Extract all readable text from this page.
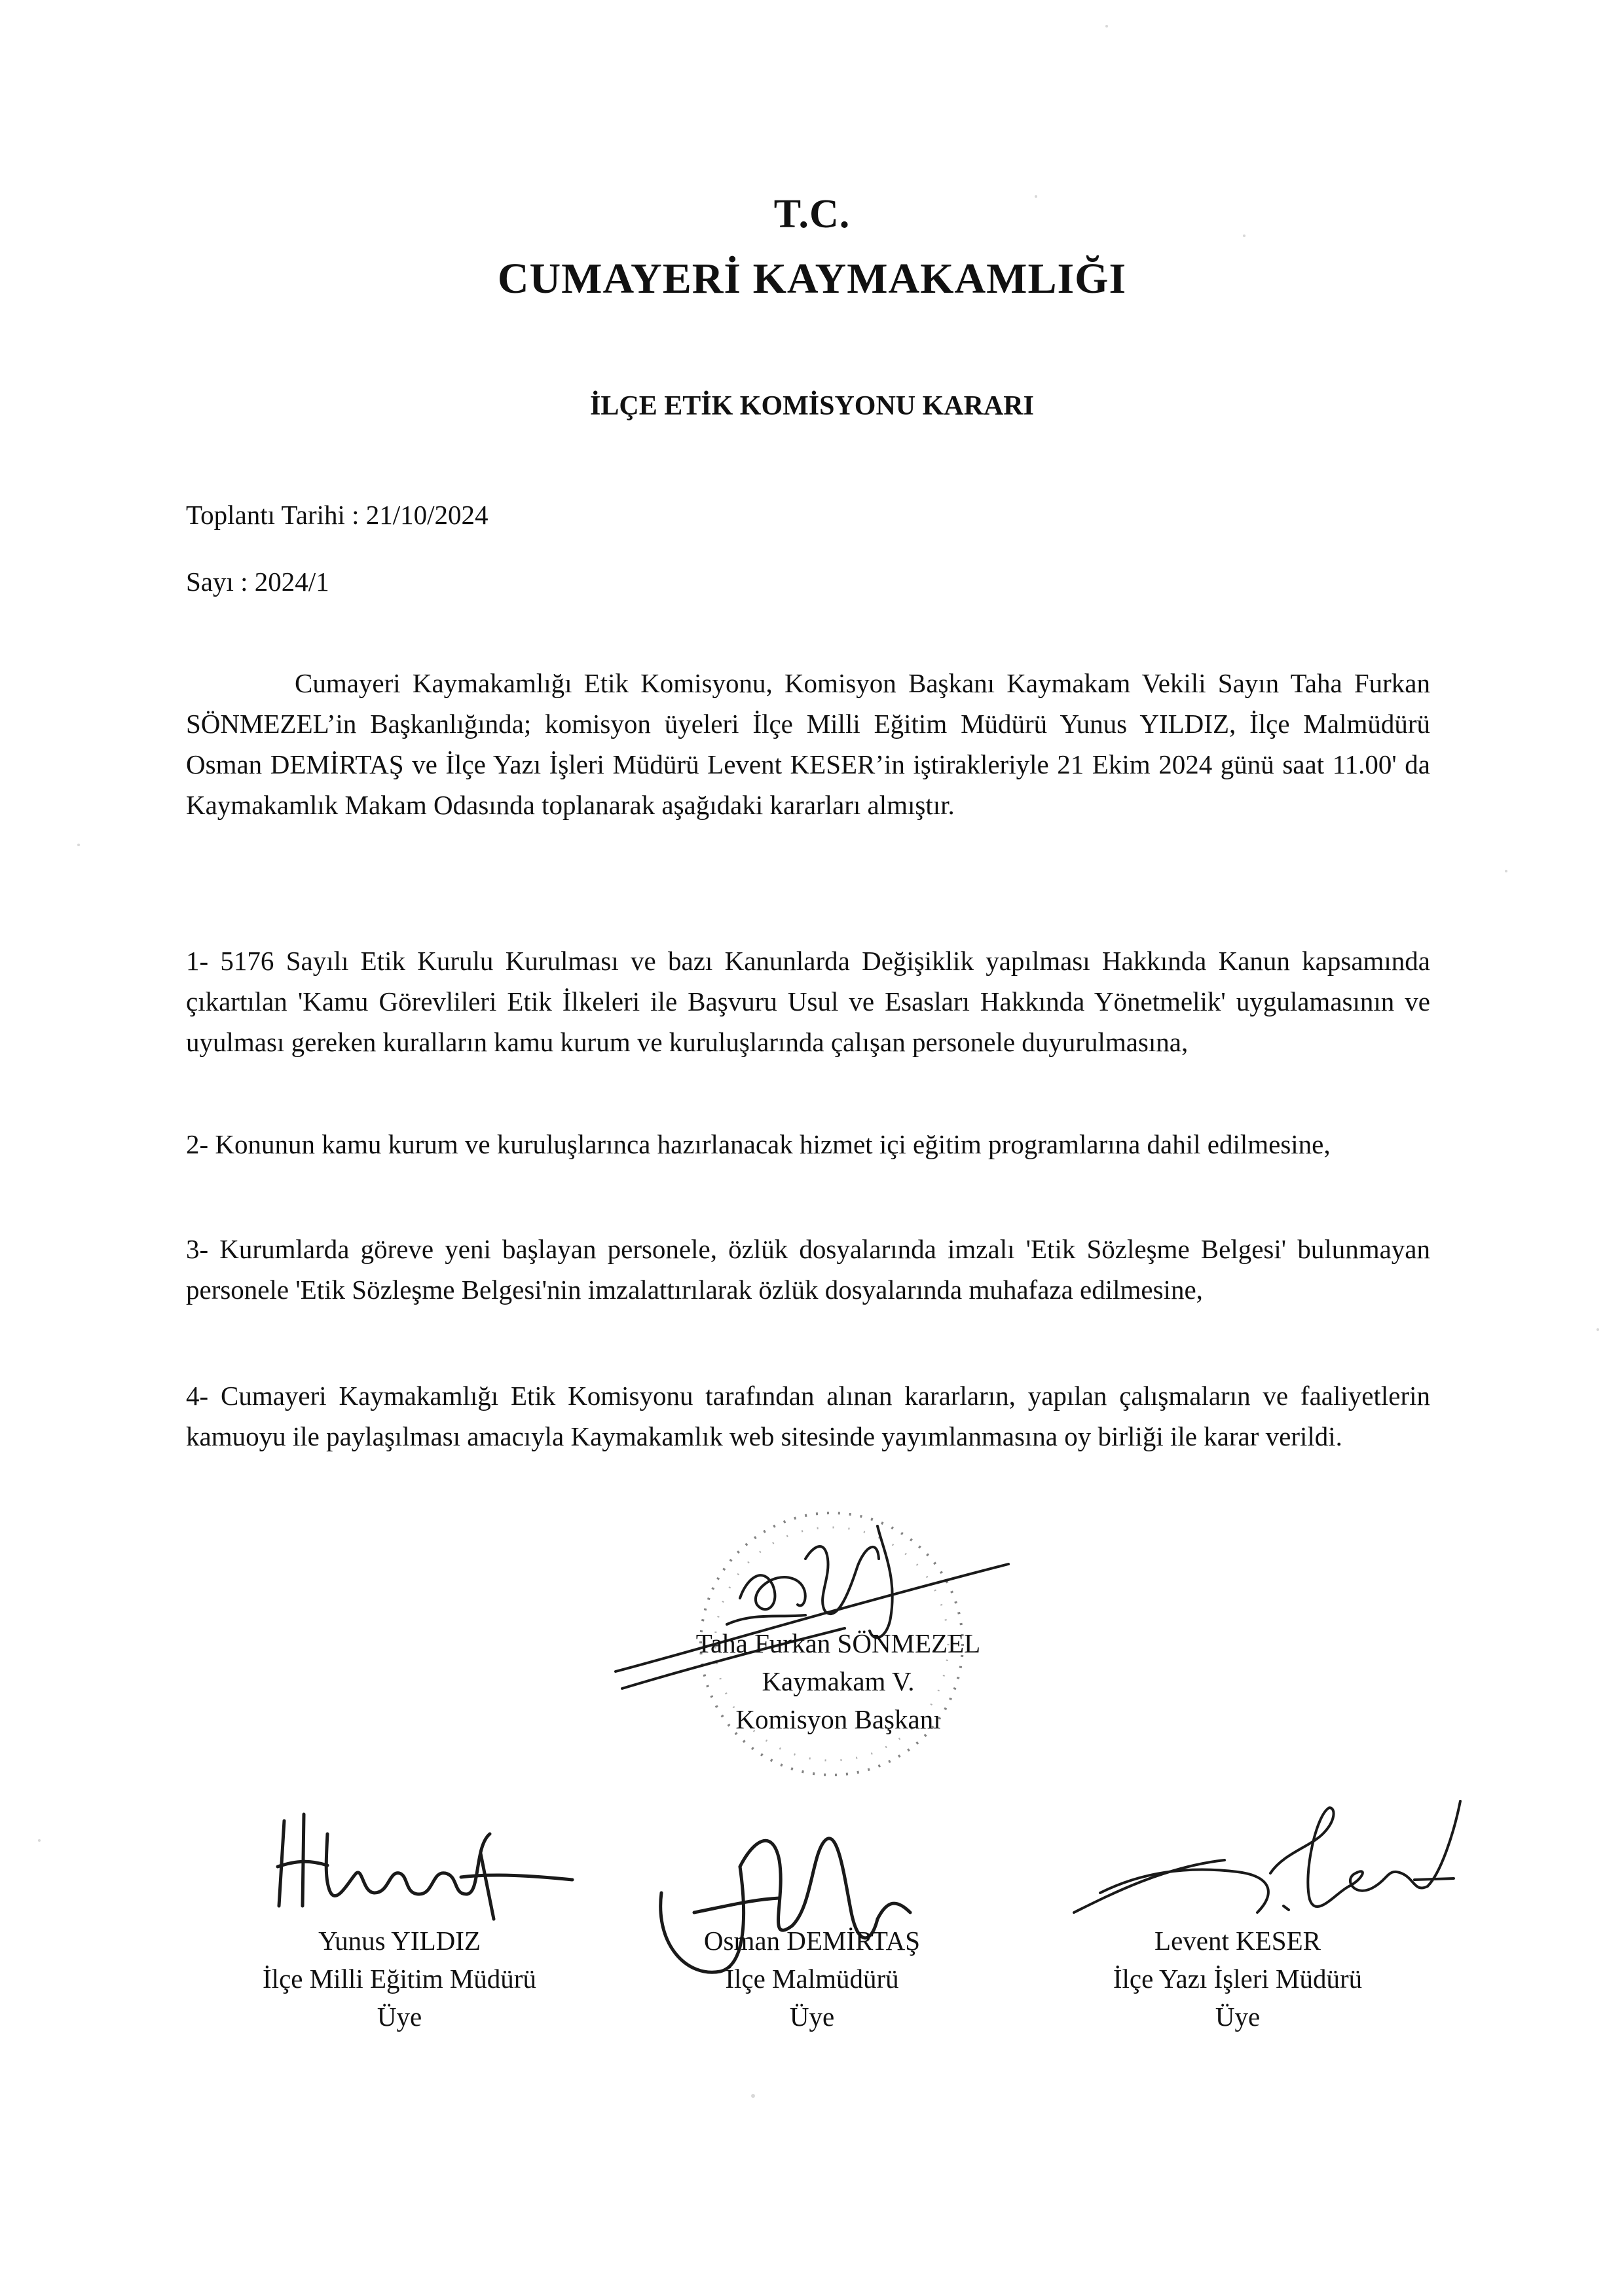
T.C.

CUMAYERİ KAYMAKAMLIĞI

İLÇE ETİK KOMİSYONU KARARI

Toplantı Tarihi : 21/10/2024

Sayı : 2024/1

Cumayeri Kaymakamlığı Etik Komisyonu, Komisyon Başkanı Kaymakam Vekili Sayın Taha Furkan SÖNMEZEL’in Başkanlığında; komisyon üyeleri İlçe Milli Eğitim Müdürü Yunus YILDIZ, İlçe Malmüdürü Osman DEMİRTAŞ ve İlçe Yazı İşleri Müdürü Levent KESER’in iştirakleriyle 21 Ekim 2024 günü saat 11.00' da Kaymakamlık Makam Odasında toplanarak aşağıdaki kararları almıştır.

1- 5176 Sayılı Etik Kurulu Kurulması ve bazı Kanunlarda Değişiklik yapılması Hakkında Kanun kapsamında çıkartılan 'Kamu Görevlileri Etik İlkeleri ile Başvuru Usul ve Esasları Hakkında Yönetmelik' uygulamasının ve uyulması gereken kuralların kamu kurum ve kuruluşlarında çalışan personele duyurulmasına,

2- Konunun kamu kurum ve kuruluşlarınca hazırlanacak hizmet içi eğitim programlarına dahil edilmesine,

3- Kurumlarda göreve yeni başlayan personele, özlük dosyalarında imzalı 'Etik Sözleşme Belgesi' bulunmayan personele 'Etik Sözleşme Belgesi'nin imzalattırılarak özlük dosyalarında muhafaza edilmesine,

4- Cumayeri Kaymakamlığı Etik Komisyonu tarafından alınan kararların, yapılan çalışmaların ve faaliyetlerin kamuoyu ile paylaşılması amacıyla Kaymakamlık web sitesinde yayımlanmasına oy birliği ile karar verildi.

Taha Furkan SÖNMEZEL
Kaymakam V.
Komisyon Başkanı
Yunus YILDIZ
İlçe Milli Eğitim Müdürü
Üye
Osman DEMİRTAŞ
İlçe Malmüdürü
Üye
Levent KESER
İlçe Yazı İşleri Müdürü
Üye
